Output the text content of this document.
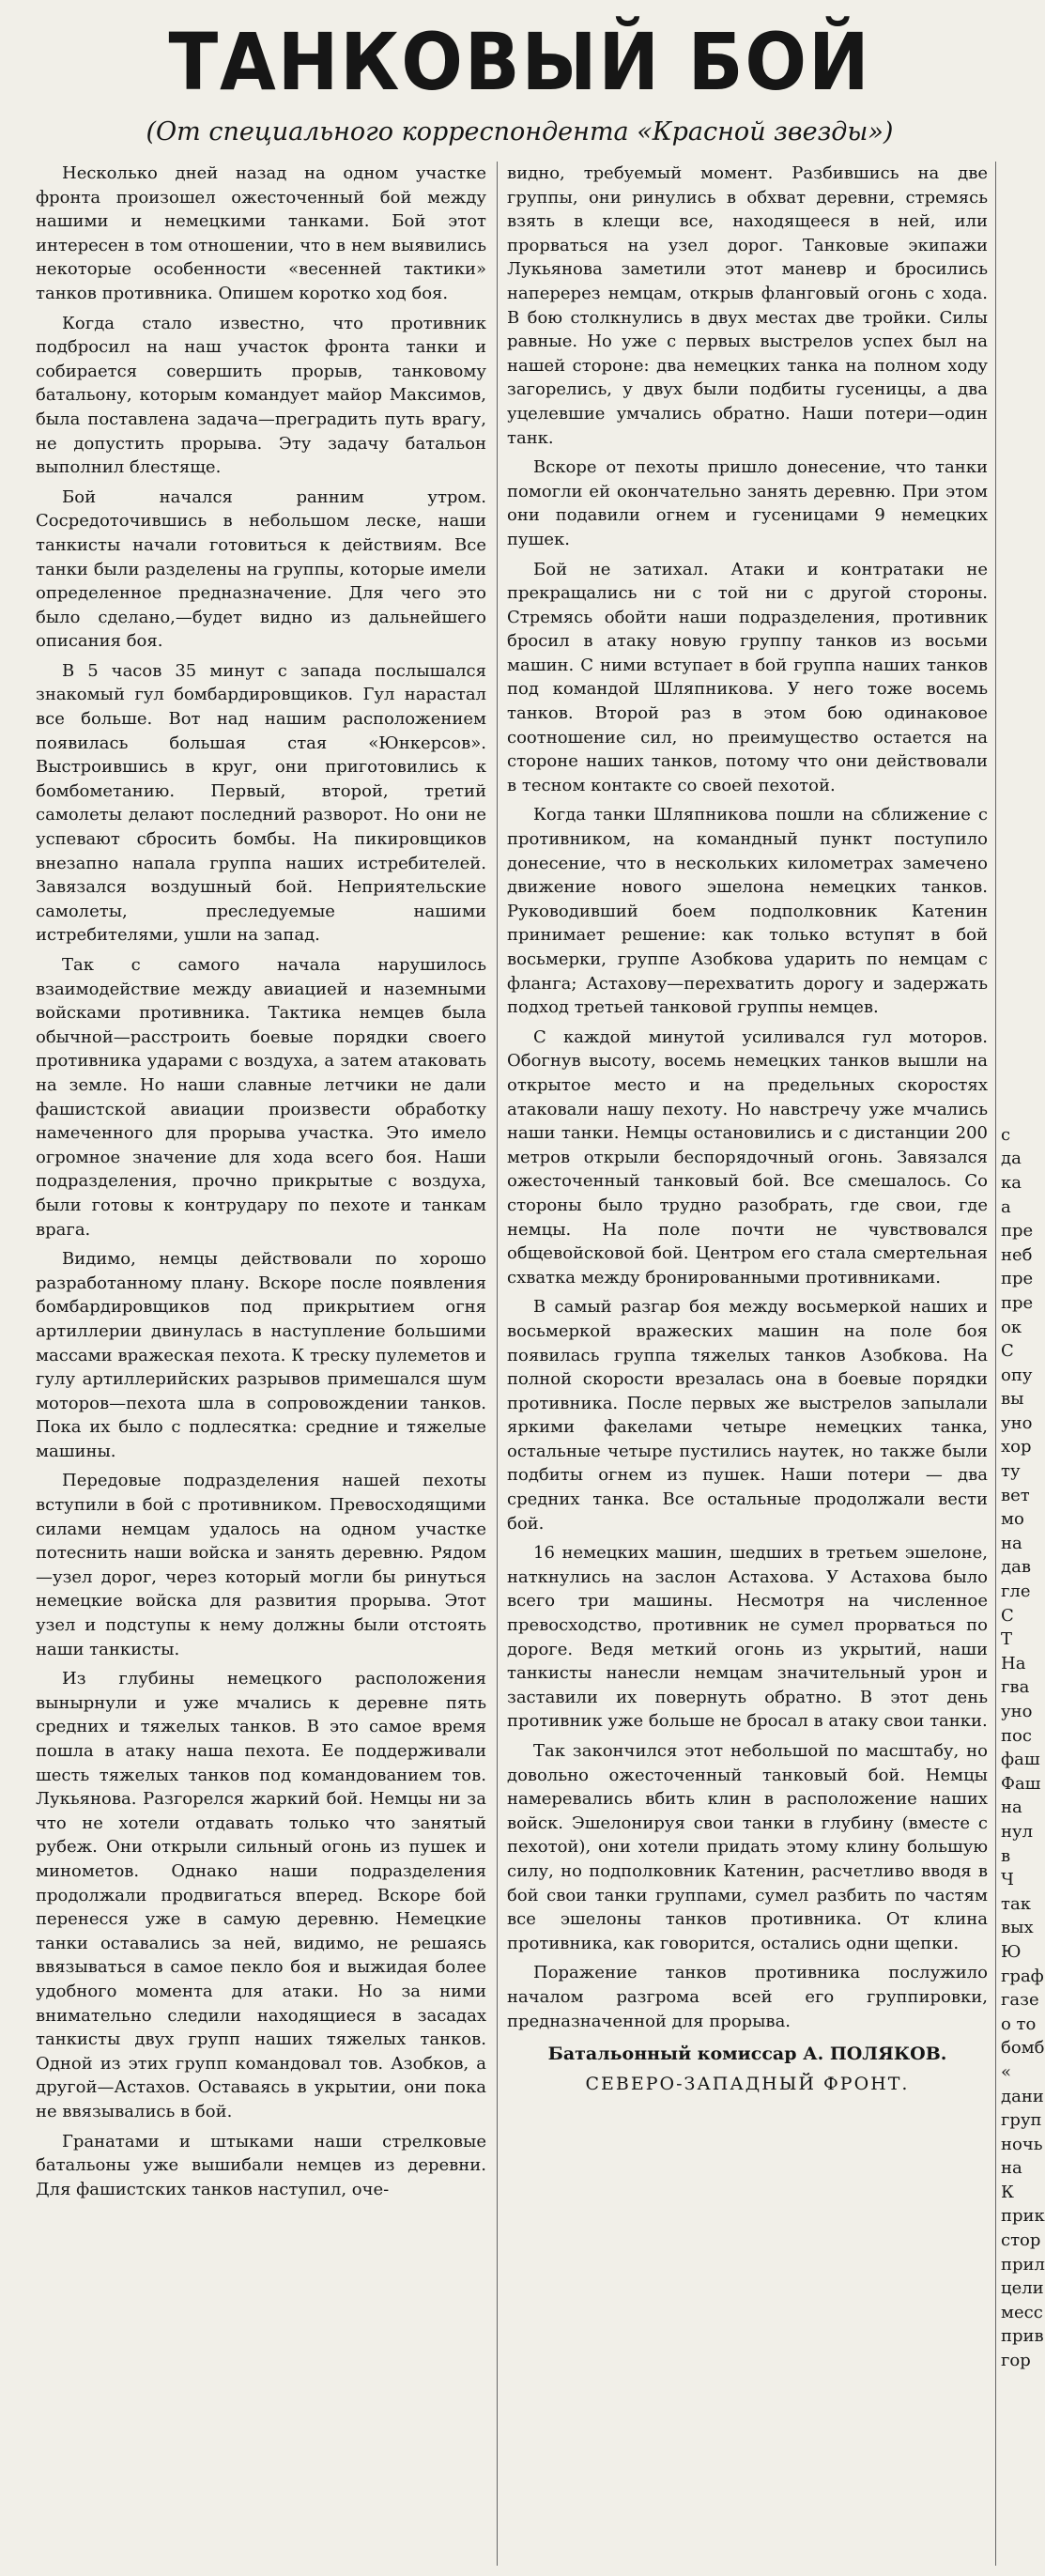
ТАНКОВЫЙ БОЙ
(От специального корреспондента «Красной звезды»)

Несколько дней назад на одном участке фронта произошел ожесточенный бой между нашими и немецкими танками. Бой этот интересен в том отношении, что в нем выявились некоторые особенности «весенней тактики» танков противника. Опишем коротко ход боя.

Когда стало известно, что противник подбросил на наш участок фронта танки и собирается совершить прорыв, танковому батальону, которым командует майор Максимов, была поставлена задача—преградить путь врагу, не допустить прорыва. Эту задачу батальон выполнил блестяще.

Бой начался ранним утром. Сосредоточившись в небольшом леске, наши танкисты начали готовиться к действиям. Все танки были разделены на группы, которые имели определенное предназначение. Для чего это было сделано,—будет видно из дальнейшего описания боя.

В 5 часов 35 минут с запада послышался знакомый гул бомбардировщиков. Гул нарастал все больше. Вот над нашим расположением появилась большая стая «Юнкерсов». Выстроившись в круг, они приготовились к бомбометанию. Первый, второй, третий самолеты делают последний разворот. Но они не успевают сбросить бомбы. На пикировщиков внезапно напала группа наших истребителей. Завязался воздушный бой. Неприятельские самолеты, преследуемые нашими истребителями, ушли на запад.

Так с самого начала нарушилось взаимодействие между авиацией и наземными войсками противника. Тактика немцев была обычной—расстроить боевые порядки своего противника ударами с воздуха, а затем атаковать на земле. Но наши славные летчики не дали фашистской авиации произвести обработку намеченного для прорыва участка. Это имело огромное значение для хода всего боя. Наши подразделения, прочно прикрытые с воздуха, были готовы к контрудару по пехоте и танкам врага.

Видимо, немцы действовали по хорошо разработанному плану. Вскоре после появления бомбардировщиков под прикрытием огня артиллерии двинулась в наступление большими массами вражеская пехота. К треску пулеметов и гулу артиллерийских разрывов примешался шум моторов—пехота шла в сопровождении танков. Пока их было с подлесятка: средние и тяжелые машины.

Передовые подразделения нашей пехоты вступили в бой с противником. Превосходящими силами немцам удалось на одном участке потеснить наши войска и занять деревню. Рядом—узел дорог, через который могли бы ринуться немецкие войска для развития прорыва. Этот узел и подступы к нему должны были отстоять наши танкисты.

Из глубины немецкого расположения вынырнули и уже мчались к деревне пять средних и тяжелых танков. В это самое время пошла в атаку наша пехота. Ее поддерживали шесть тяжелых танков под командованием тов. Лукьянова. Разгорелся жаркий бой. Немцы ни за что не хотели отдавать только что занятый рубеж. Они открыли сильный огонь из пушек и минометов. Однако наши подразделения продолжали продвигаться вперед. Вскоре бой перенесся уже в самую деревню. Немецкие танки оставались за ней, видимо, не решаясь ввязываться в самое пекло боя и выжидая более удобного момента для атаки. Но за ними внимательно следили находящиеся в засадах танкисты двух групп наших тяжелых танков. Одной из этих групп командовал тов. Азобков, а другой—Астахов. Оставаясь в укрытии, они пока не ввязывались в бой.

Гранатами и штыками наши стрелковые батальоны уже вышибали немцев из деревни. Для фашистских танков наступил, оче-

видно, требуемый момент. Разбившись на две группы, они ринулись в обхват деревни, стремясь взять в клещи все, находящееся в ней, или прорваться на узел дорог. Танковые экипажи Лукьянова заметили этот маневр и бросились наперерез немцам, открыв фланговый огонь с хода. В бою столкнулись в двух местах две тройки. Силы равные. Но уже с первых выстрелов успех был на нашей стороне: два немецких танка на полном ходу загорелись, у двух были подбиты гусеницы, а два уцелевшие умчались обратно. Наши потери—один танк.

Вскоре от пехоты пришло донесение, что танки помогли ей окончательно занять деревню. При этом они подавили огнем и гусеницами 9 немецких пушек.

Бой не затихал. Атаки и контратаки не прекращались ни с той ни с другой стороны. Стремясь обойти наши подразделения, противник бросил в атаку новую группу танков из восьми машин. С ними вступает в бой группа наших танков под командой Шляпникова. У него тоже восемь танков. Второй раз в этом бою одинаковое соотношение сил, но преимущество остается на стороне наших танков, потому что они действовали в тесном контакте со своей пехотой.

Когда танки Шляпникова пошли на сближение с противником, на командный пункт поступило донесение, что в нескольких километрах замечено движение нового эшелона немецких танков. Руководивший боем подполковник Катенин принимает решение: как только вступят в бой восьмерки, группе Азобкова ударить по немцам с фланга; Астахову—перехватить дорогу и задержать подход третьей танковой группы немцев.

С каждой минутой усиливался гул моторов. Обогнув высоту, восемь немецких танков вышли на открытое место и на предельных скоростях атаковали нашу пехоту. Но навстречу уже мчались наши танки. Немцы остановились и с дистанции 200 метров открыли беспорядочный огонь. Завязался ожесточенный танковый бой. Все смешалось. Со стороны было трудно разобрать, где свои, где немцы. На поле почти не чувствовался общевойсковой бой. Центром его стала смертельная схватка между бронированными противниками.

В самый разгар боя между восьмеркой наших и восьмеркой вражеских машин на поле боя появилась группа тяжелых танков Азобкова. На полной скорости врезалась она в боевые порядки противника. После первых же выстрелов запылали яркими факелами четыре немецких танка, остальные четыре пустились наутек, но также были подбиты огнем из пушек. Наши потери — два средних танка. Все остальные продолжали вести бой.

16 немецких машин, шедших в третьем эшелоне, наткнулись на заслон Астахова. У Астахова было всего три машины. Несмотря на численное превосходство, противник не сумел прорваться по дороге. Ведя меткий огонь из укрытий, наши танкисты нанесли немцам значительный урон и заставили их повернуть обратно. В этот день противник уже больше не бросал в атаку свои танки.

Так закончился этот небольшой по масштабу, но довольно ожесточенный танковый бой. Немцы намеревались вбить клин в расположение наших войск. Эшелонируя свои танки в глубину (вместе с пехотой), они хотели придать этому клину большую силу, но подполковник Катенин, расчетливо вводя в бой свои танки группами, сумел разбить по частям все эшелоны танков противника. От клина противника, как говорится, остались одни щепки.

Поражение танков противника послужило началом разгрома всей его группировки, предназначенной для прорыва.

Батальонный комиссар А. ПОЛЯКОВ.
СЕВЕРО-ЗАПАДНЫЙ ФРОНТ.
с
да
ка
а
пре
неб
пре
пре
ок
С
опу
вы
уно
хор
ту
вет
мо
на
дав
гле
С
Т
На
гва
уно
пос
фаш
Фаш
на
нул
в
Ч
так
вых
Ю
граф
газе
о то
бомб
«
дани
груп
ночь
на
К
прик
стор
прил
цели
месс
прив
гор
